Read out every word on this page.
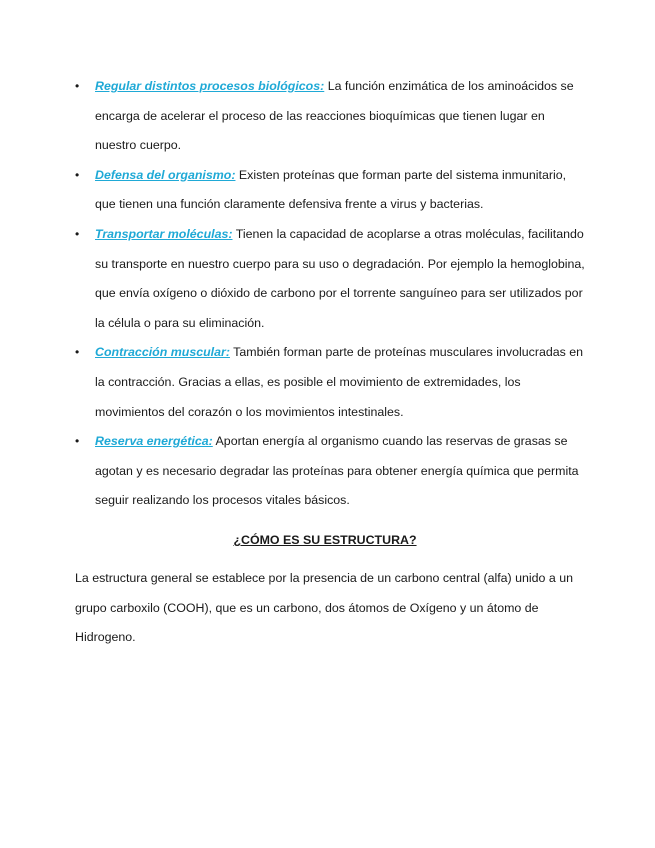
•	Regular distintos procesos biológicos: La función enzimática de los aminoácidos se encarga de acelerar el proceso de las reacciones bioquímicas que tienen lugar en nuestro cuerpo.
•	Defensa del organismo: Existen proteínas que forman parte del sistema inmunitario, que tienen una función claramente defensiva frente a virus y bacterias.
•	Transportar moléculas: Tienen la capacidad de acoplarse a otras moléculas, facilitando su transporte en nuestro cuerpo para su uso o degradación. Por ejemplo la hemoglobina, que envía oxígeno o dióxido de carbono por el torrente sanguíneo para ser utilizados por la célula o para su eliminación.
•	Contracción muscular: También forman parte de proteínas musculares involucradas en la contracción. Gracias a ellas, es posible el movimiento de extremidades, los movimientos del corazón o los movimientos intestinales.
•	Reserva energética: Aportan energía al organismo cuando las reservas de grasas se agotan y es necesario degradar las proteínas para obtener energía química que permita seguir realizando los procesos vitales básicos.
¿CÓMO ES SU ESTRUCTURA?

La estructura general se establece por la presencia de un carbono central (alfa) unido a un grupo carboxilo (COOH), que es un carbono, dos átomos de Oxígeno y un átomo de Hidrogeno.
